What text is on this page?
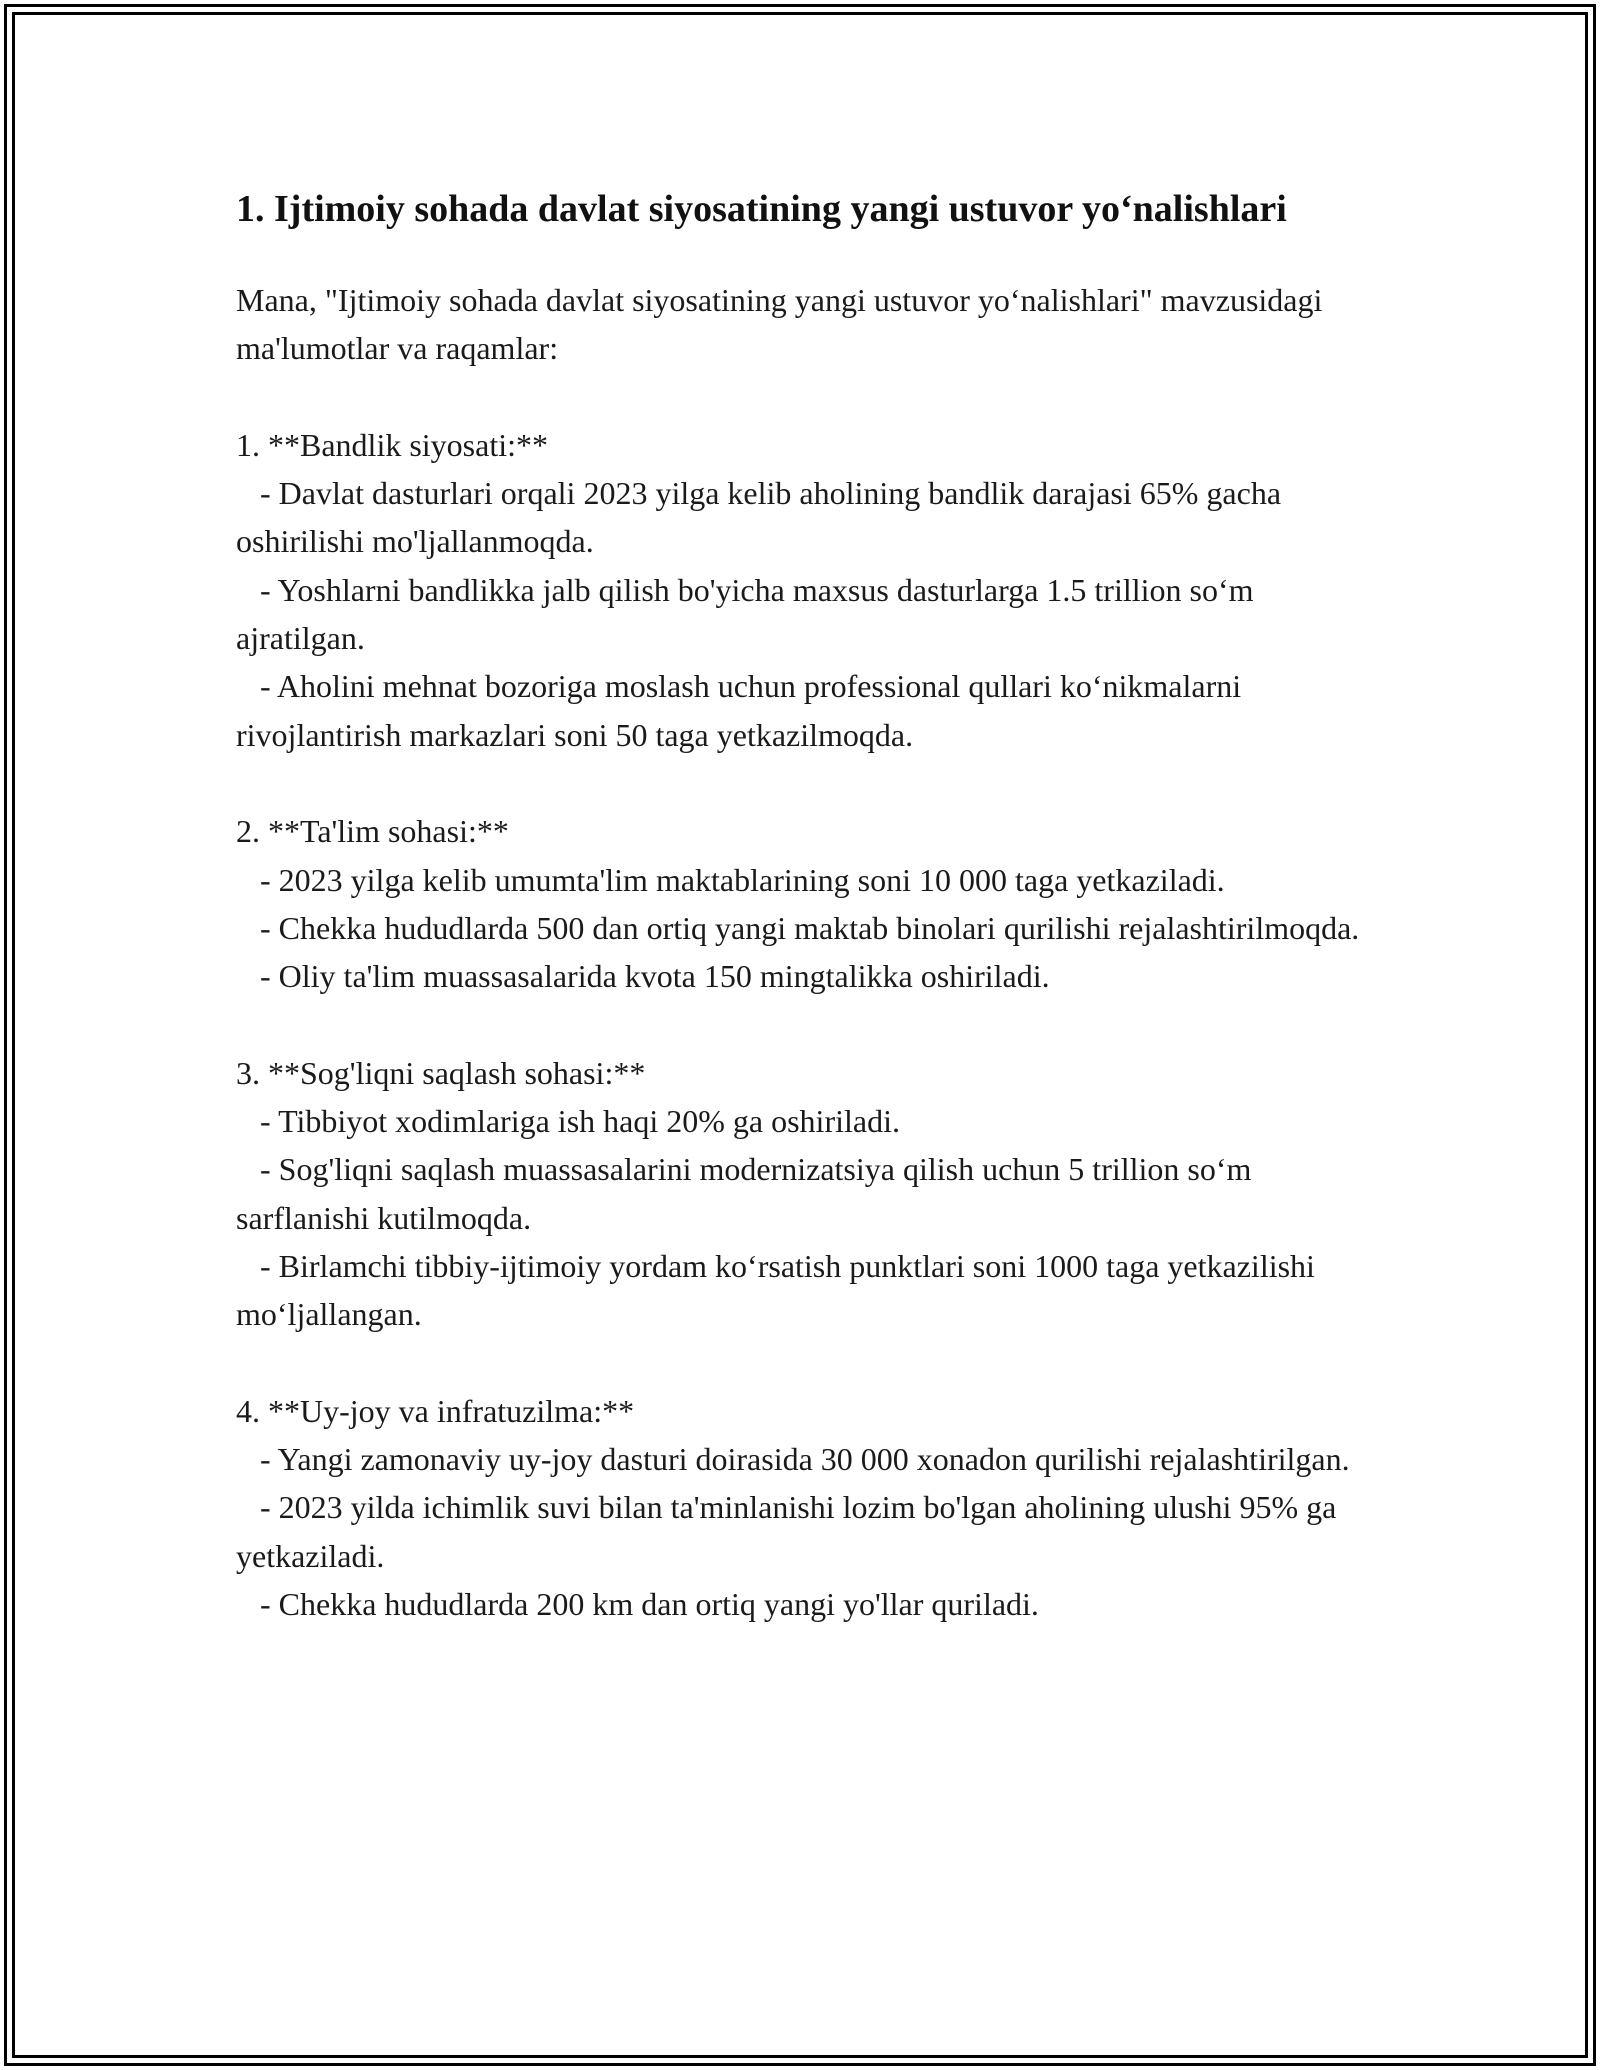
1. Ijtimoiy sohada davlat siyosatining yangi ustuvor yo‘nalishlari

Mana, "Ijtimoiy sohada davlat siyosatining yangi ustuvor yo‘nalishlari" mavzusidagi ma'lumotlar va raqamlar:

1. **Bandlik siyosati:**
- Davlat dasturlari orqali 2023 yilga kelib aholining bandlik darajasi 65% gacha oshirilishi mo'ljallanmoqda.
- Yoshlarni bandlikka jalb qilish bo'yicha maxsus dasturlarga 1.5 trillion so‘m ajratilgan.
- Aholini mehnat bozoriga moslash uchun professional qullari ko‘nikmalarni rivojlantirish markazlari soni 50 taga yetkazilmoqda.

2. **Ta'lim sohasi:**
- 2023 yilga kelib umumta'lim maktablarining soni 10 000 taga yetkaziladi.
- Chekka hududlarda 500 dan ortiq yangi maktab binolari qurilishi rejalashtirilmoqda.
- Oliy ta'lim muassasalarida kvota 150 mingtalikka oshiriladi.

3. **Sog'liqni saqlash sohasi:**
- Tibbiyot xodimlariga ish haqi 20% ga oshiriladi.
- Sog'liqni saqlash muassasalarini modernizatsiya qilish uchun 5 trillion so‘m sarflanishi kutilmoqda.
- Birlamchi tibbiy-ijtimoiy yordam ko‘rsatish punktlari soni 1000 taga yetkazilishi mo‘ljallangan.

4. **Uy-joy va infratuzilma:**
- Yangi zamonaviy uy-joy dasturi doirasida 30 000 xonadon qurilishi rejalashtirilgan.
- 2023 yilda ichimlik suvi bilan ta'minlanishi lozim bo'lgan aholining ulushi 95% ga yetkaziladi.
- Chekka hududlarda 200 km dan ortiq yangi yo'llar quriladi.
